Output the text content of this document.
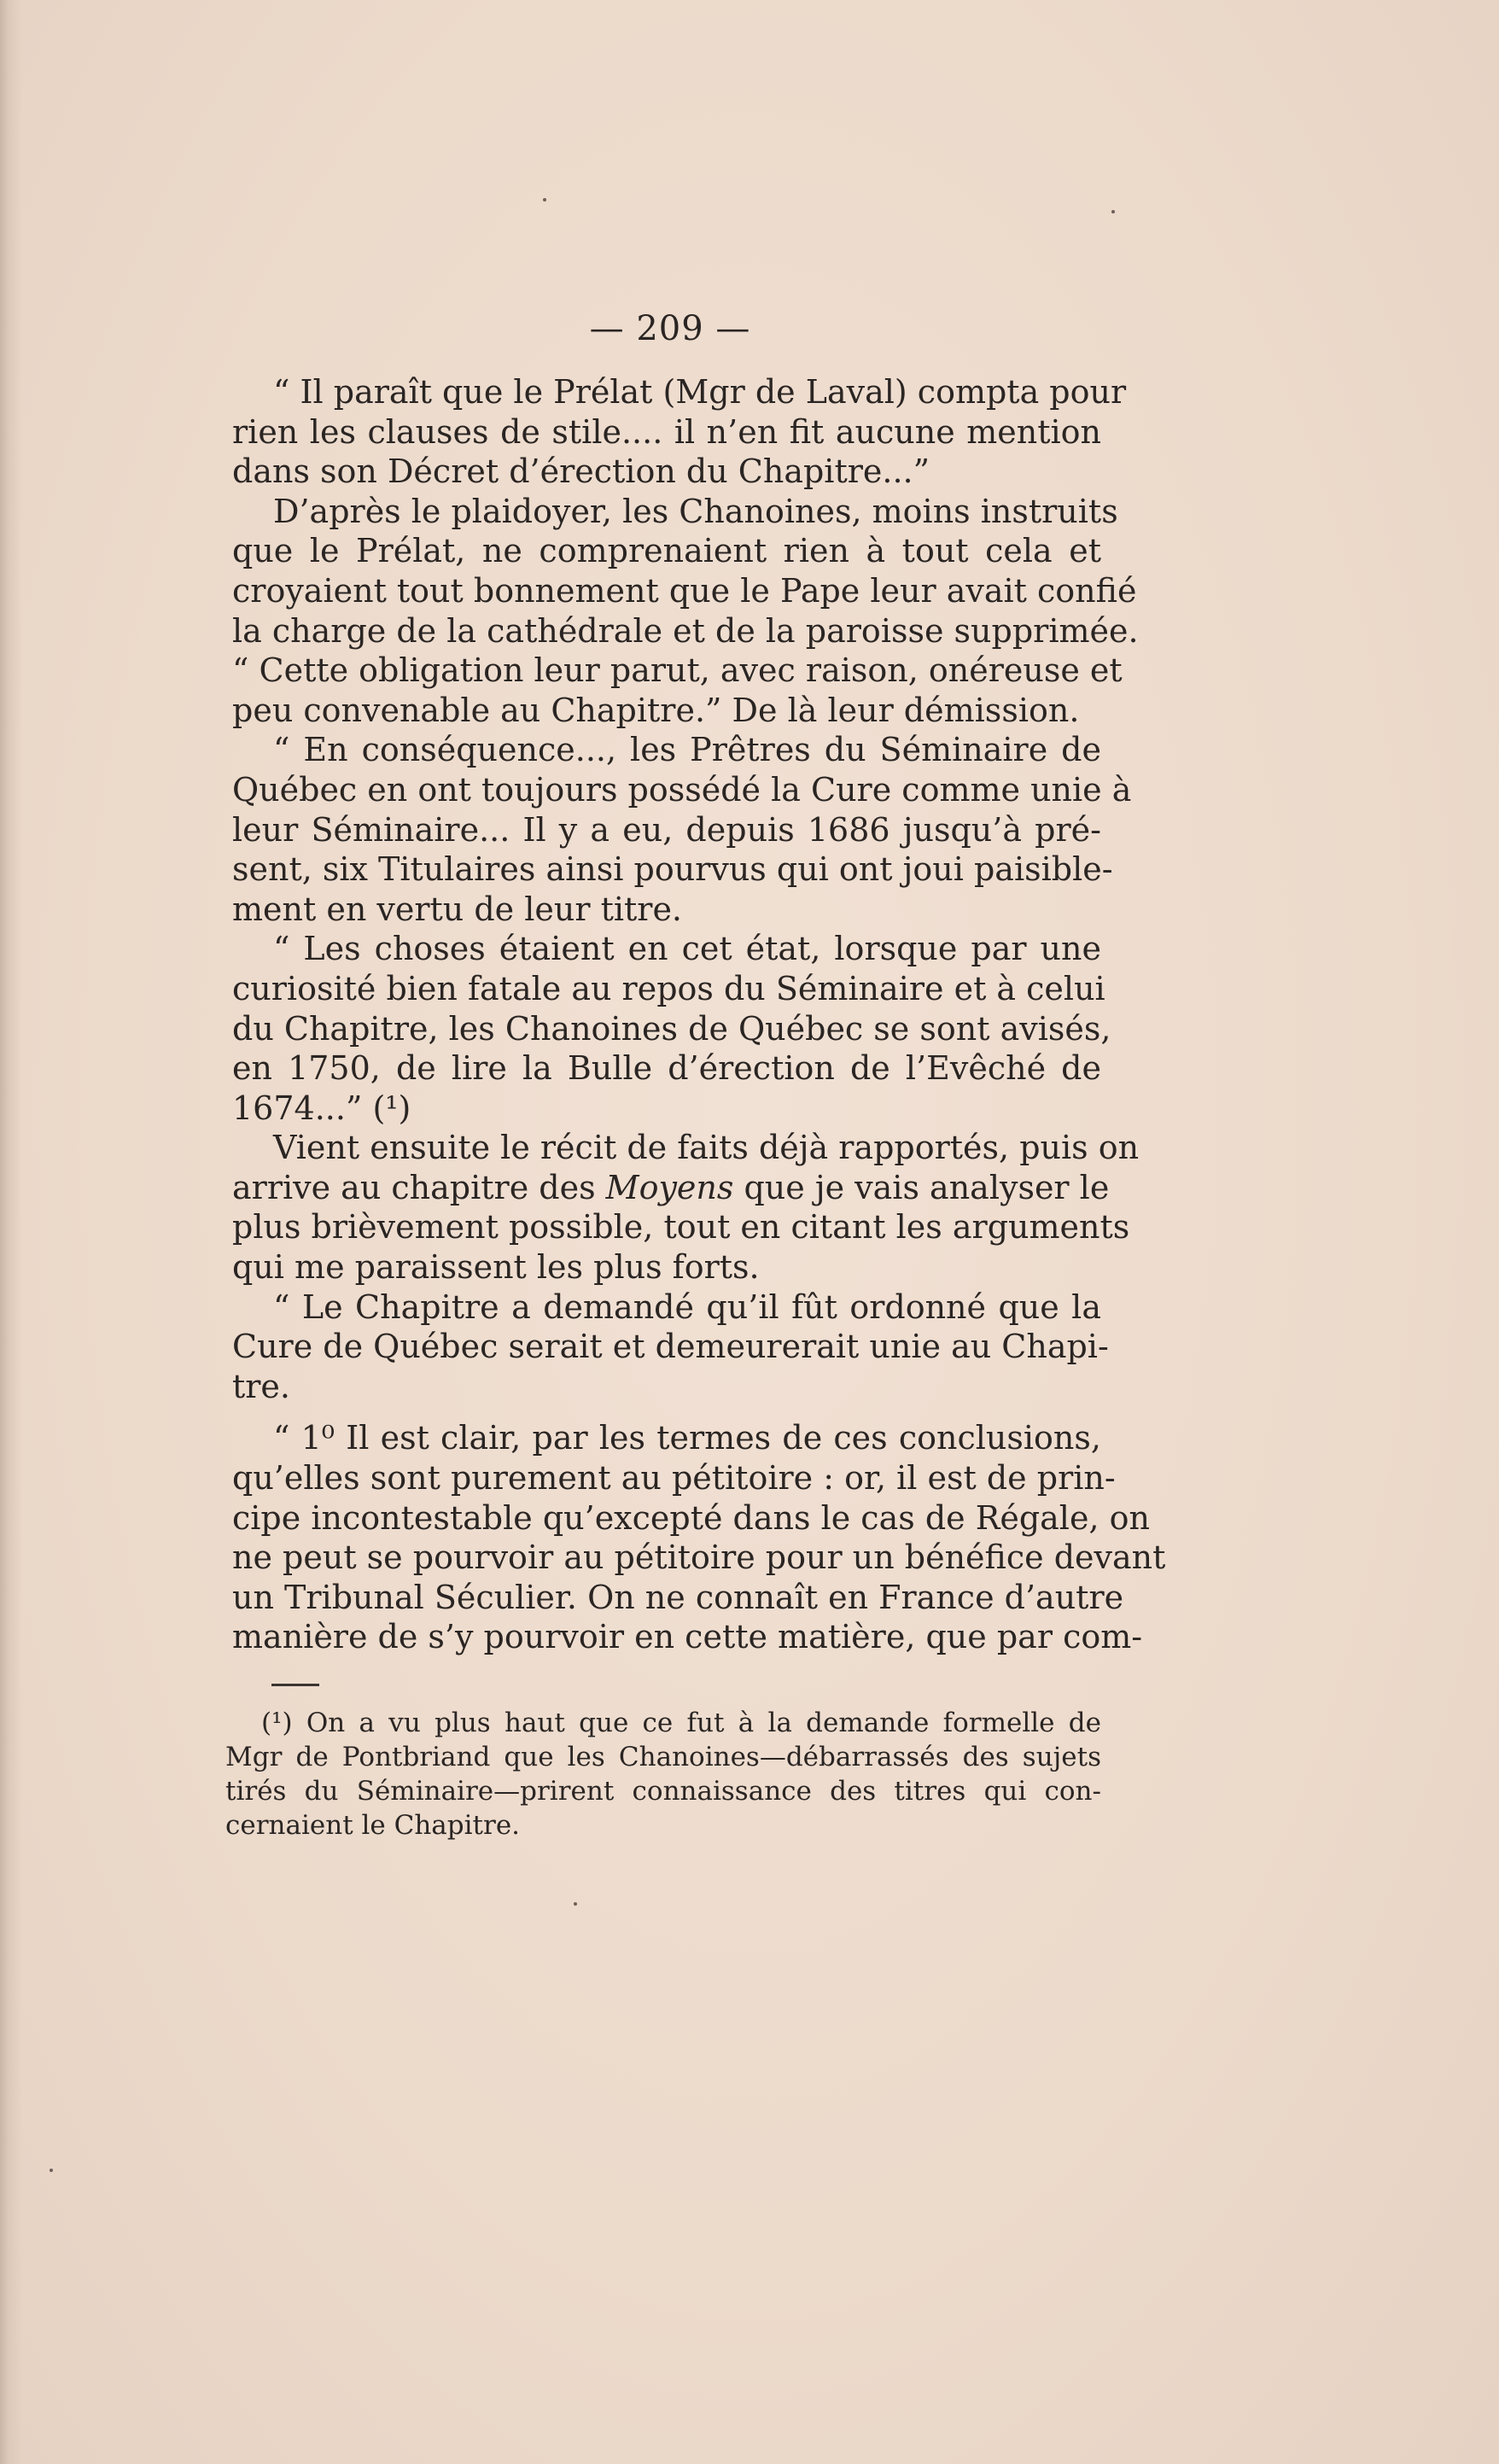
— 209 —
“ Il paraît que le Prélat (Mgr de Laval) compta pour
rien les clauses de stile.... il n’en fit aucune mention
dans son Décret d’érection du Chapitre...”
D’après le plaidoyer, les Chanoines, moins instruits
que le Prélat, ne comprenaient rien à tout cela et
croyaient tout bonnement que le Pape leur avait confié
la charge de la cathédrale et de la paroisse supprimée.
“ Cette obligation leur parut, avec raison, onéreuse et
peu convenable au Chapitre.” De là leur démission.
“ En conséquence..., les Prêtres du Séminaire de
Québec en ont toujours possédé la Cure comme unie à
leur Séminaire... Il y a eu, depuis 1686 jusqu’à pré-
sent, six Titulaires ainsi pourvus qui ont joui paisible-
ment en vertu de leur titre.
“ Les choses étaient en cet état, lorsque par une
curiosité bien fatale au repos du Séminaire et à celui
du Chapitre, les Chanoines de Québec se sont avisés,
en 1750, de lire la Bulle d’érection de l’Evêché de
1674...” (¹)
Vient ensuite le récit de faits déjà rapportés, puis on
arrive au chapitre des Moyens que je vais analyser le
plus brièvement possible, tout en citant les arguments
qui me paraissent les plus forts.
“ Le Chapitre a demandé qu’il fût ordonné que la
Cure de Québec serait et demeurerait unie au Chapi-
tre.
“ 1⁰ Il est clair, par les termes de ces conclusions,
qu’elles sont purement au pétitoire : or, il est de prin-
cipe incontestable qu’excepté dans le cas de Régale, on
ne peut se pourvoir au pétitoire pour un bénéfice devant
un Tribunal Séculier. On ne connaît en France d’autre
manière de s’y pourvoir en cette matière, que par com-
(¹) On a vu plus haut que ce fut à la demande formelle de
Mgr de Pontbriand que les Chanoines—débarrassés des sujets
tirés du Séminaire—prirent connaissance des titres qui con-
cernaient le Chapitre.
